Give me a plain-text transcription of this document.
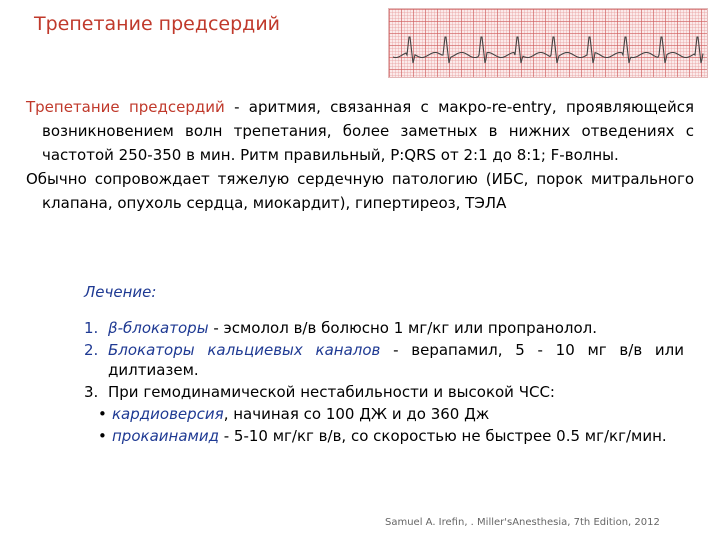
Трепетание предсердий

Трепетание предсердий - аритмия, связанная с макро-re-entry, проявляющейся возникновением волн трепетания, более заметных в нижних отведениях с частотой 250-350 в мин. Ритм правильный, P:QRS от 2:1 до 8:1; F-волны.

Обычно сопровождает тяжелую сердечную патологию (ИБС, порок митрального клапана, опухоль сердца, миокардит), гипертиреоз, ТЭЛА

Лечение:
1. β-блокаторы - эсмолол в/в болюсно 1 мг/кг или пропранолол.
2. Блокаторы кальциевых каналов - верапамил, 5 - 10 мг в/в или дилтиазем.
3. При гемодинамической нестабильности и высокой ЧСС:
• кардиоверсия, начиная со 100 ДЖ и до 360 Дж
• прокаинамид - 5-10 мг/кг в/в, со скоростью не быстрее 0.5 мг/кг/мин.
Samuel A. Irefin, . Miller'sAnesthesia, 7th Edition, 2012
